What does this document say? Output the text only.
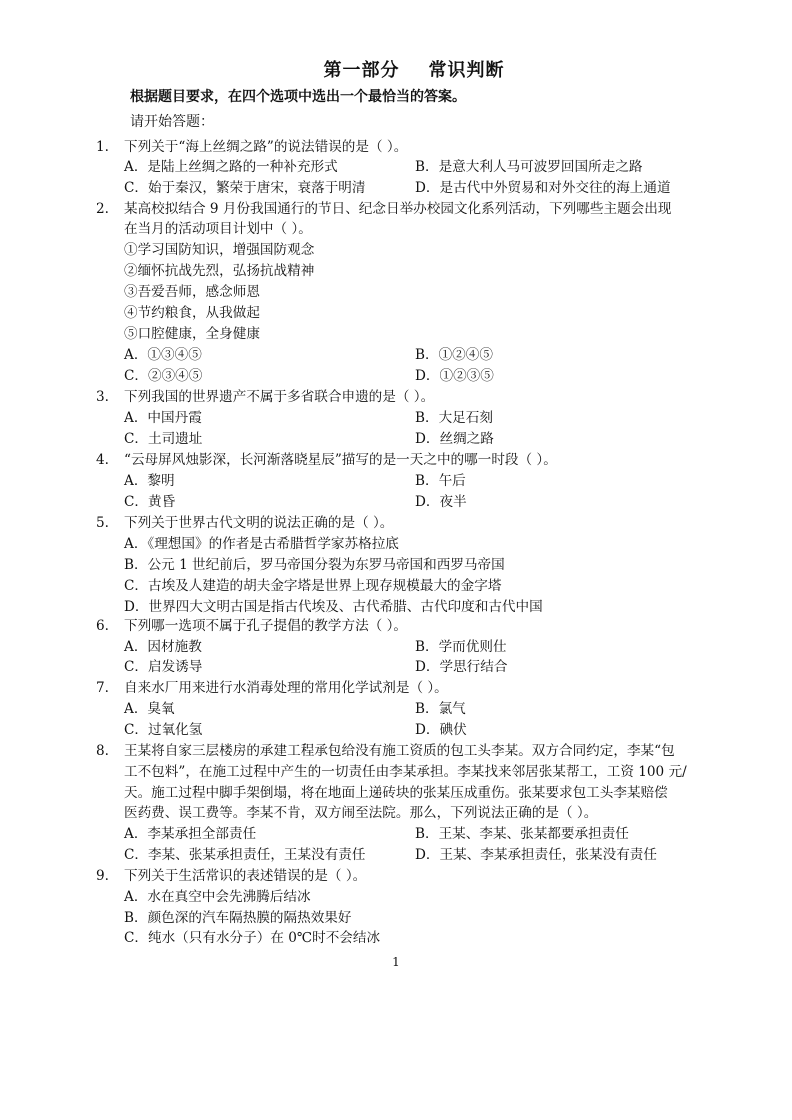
第一部分    常识判断
根据题目要求，在四个选项中选出一个最恰当的答案。
请开始答题：
1.	下列关于“海上丝绸之路”的说法错误的是（ ）。
A．是陆上丝绸之路的一种补充形式	B．是意大利人马可波罗回国所走之路
C．始于秦汉，繁荣于唐宋，衰落于明清	D．是古代中外贸易和对外交往的海上通道
2.	某高校拟结合 9 月份我国通行的节日、纪念日举办校园文化系列活动，下列哪些主题会出现
在当月的活动项目计划中（ ）。
①学习国防知识，增强国防观念
②缅怀抗战先烈，弘扬抗战精神
③吾爱吾师，感念师恩
④节约粮食，从我做起
⑤口腔健康，全身健康
A．①③④⑤	B．①②④⑤
C．②③④⑤	D．①②③⑤
3.	下列我国的世界遗产不属于多省联合申遗的是（ ）。
A．中国丹霞	B．大足石刻
C．土司遗址	D．丝绸之路
4.	“云母屏风烛影深，长河渐落晓星辰”描写的是一天之中的哪一时段（ ）。
A．黎明	B．午后
C．黄昏	D．夜半
5.	下列关于世界古代文明的说法正确的是（ ）。
A．《理想国》的作者是古希腊哲学家苏格拉底
B．公元 1 世纪前后，罗马帝国分裂为东罗马帝国和西罗马帝国
C．古埃及人建造的胡夫金字塔是世界上现存规模最大的金字塔
D．世界四大文明古国是指古代埃及、古代希腊、古代印度和古代中国
6.	下列哪一选项不属于孔子提倡的教学方法（ ）。
A．因材施教	B．学而优则仕
C．启发诱导	D．学思行结合
7.	自来水厂用来进行水消毒处理的常用化学试剂是（ ）。
A．臭氧	B．氯气
C．过氧化氢	D．碘伏
8.	王某将自家三层楼房的承建工程承包给没有施工资质的包工头李某。双方合同约定，李某“包
工不包料”，在施工过程中产生的一切责任由李某承担。李某找来邻居张某帮工，工资 100 元/
天。施工过程中脚手架倒塌，将在地面上递砖块的张某压成重伤。张某要求包工头李某赔偿
医药费、误工费等。李某不肯，双方闹至法院。那么，下列说法正确的是（ ）。
A．李某承担全部责任	B．王某、李某、张某都要承担责任
C．李某、张某承担责任，王某没有责任	D．王某、李某承担责任，张某没有责任
9.	下列关于生活常识的表述错误的是（ ）。
A．水在真空中会先沸腾后结冰
B．颜色深的汽车隔热膜的隔热效果好
C．纯水（只有水分子）在 0℃时不会结冰
1
